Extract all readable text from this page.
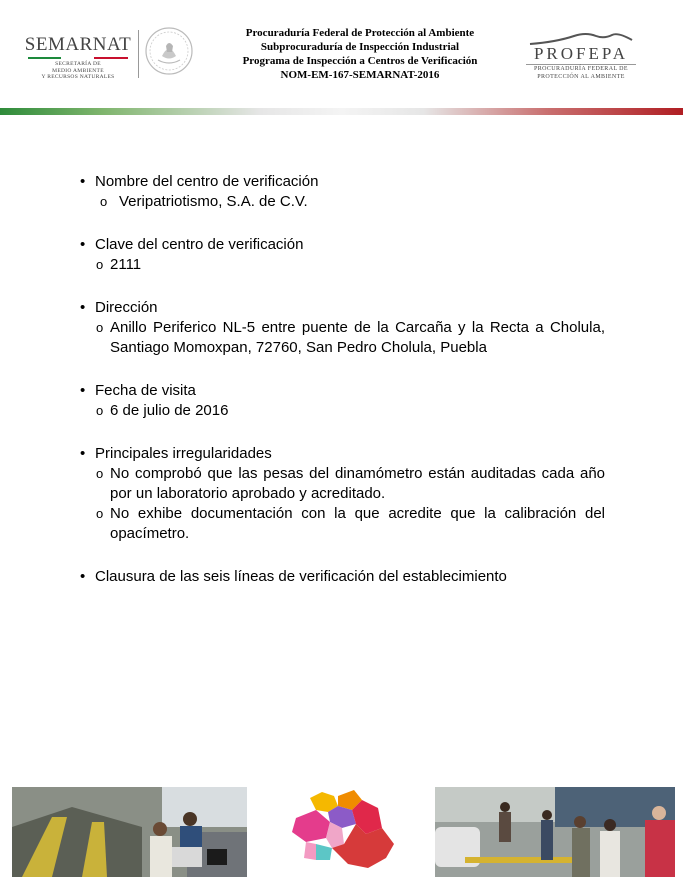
SEMARNAT
SECRETARÍA DE
MEDIO AMBIENTE
Y RECURSOS NATURALES
Procuraduría Federal de Protección al Ambiente
Subprocuraduría de Inspección Industrial
Programa de Inspección a Centros de Verificación
NOM-EM-167-SEMARNAT-2016
PROFEPA
PROCURADURÍA FEDERAL DE
PROTECCIÓN AL AMBIENTE
• Nombre del centro de verificación
o Veripatriotismo, S.A. de C.V.
• Clave del centro de verificación
o 2111
• Dirección
o Anillo Periferico NL-5 entre puente de la Carcaña y la Recta a Cholula, Santiago Momoxpan, 72760, San Pedro Cholula, Puebla
• Fecha de visita
o 6 de julio de 2016
• Principales irregularidades
o No comprobó que las pesas del dinamómetro están auditadas cada año por un laboratorio aprobado y acreditado.
o No exhibe documentación con la que acredite que la calibración del opacímetro.
• Clausura de las seis líneas de verificación del establecimiento
